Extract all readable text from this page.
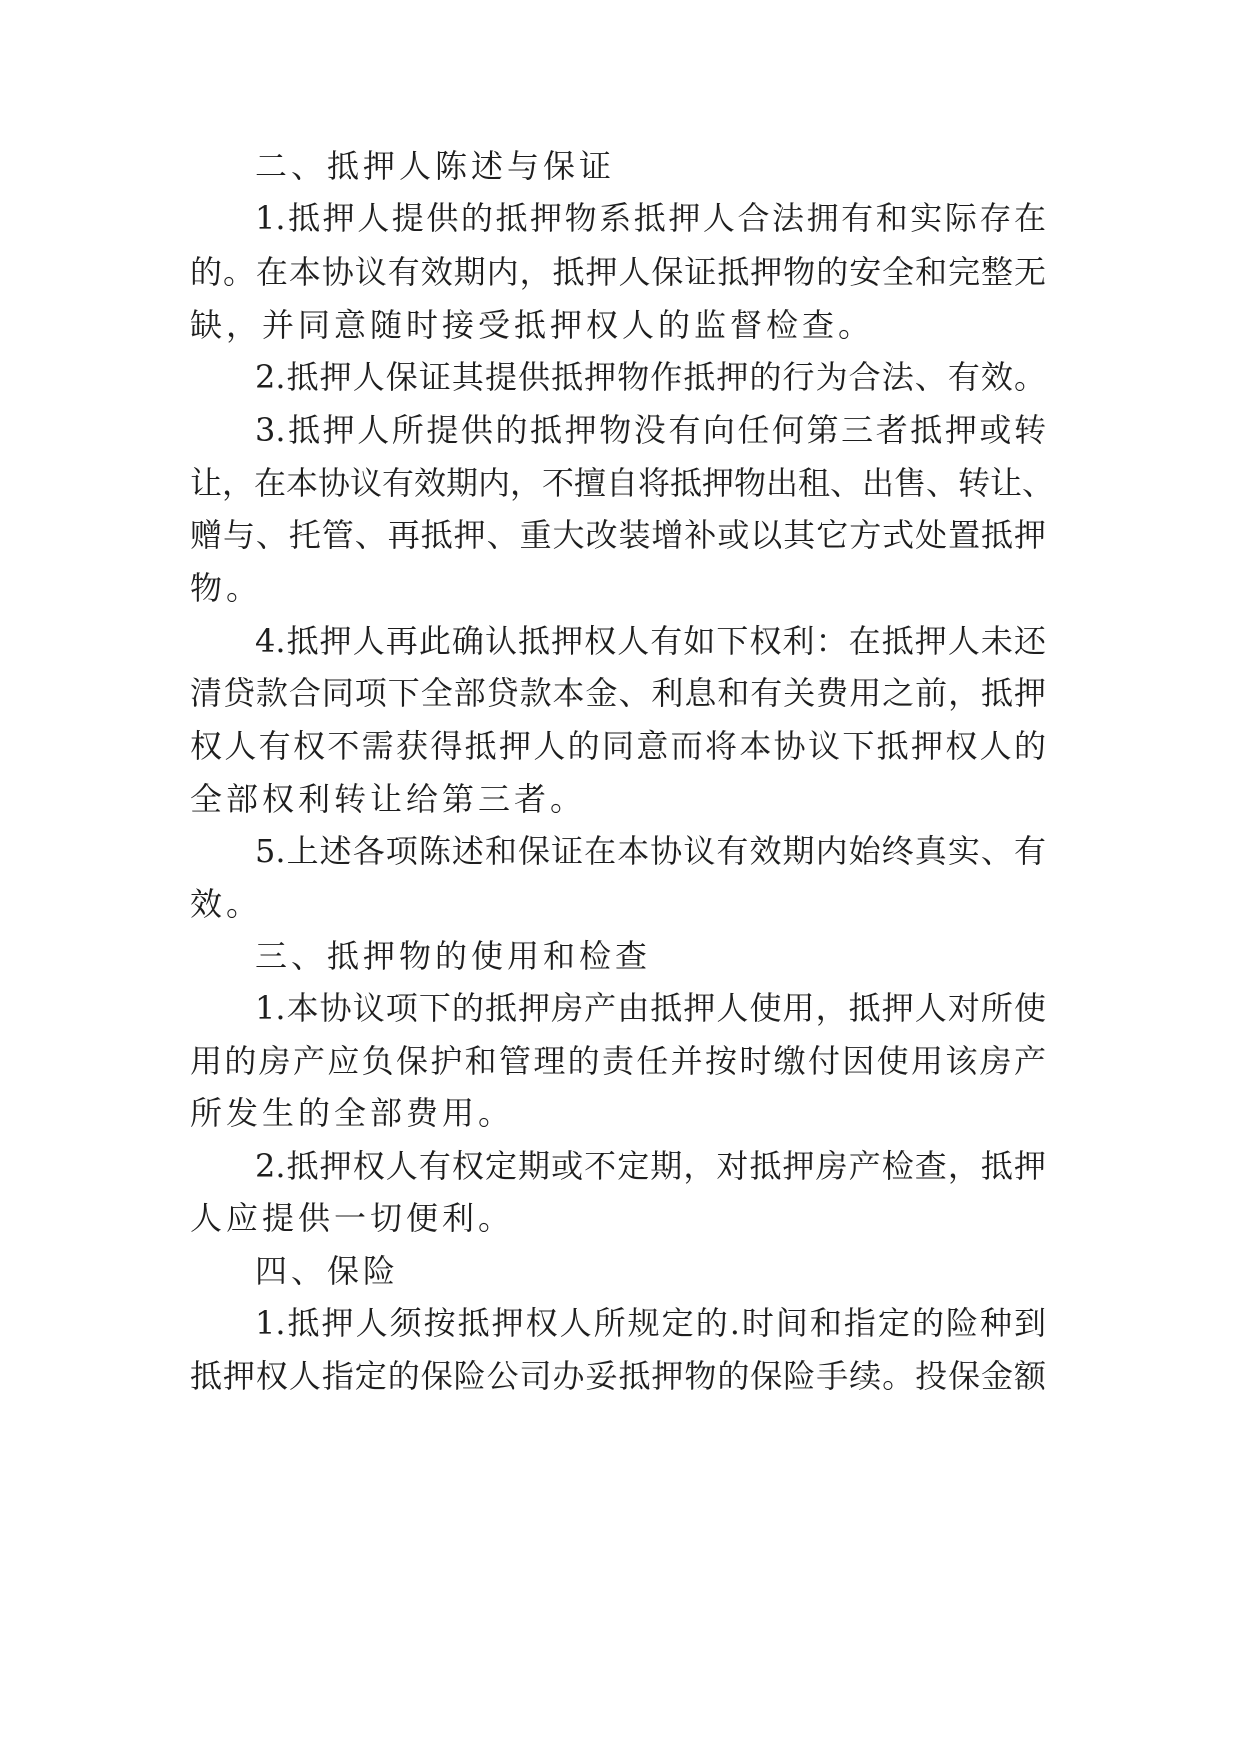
二、抵押人陈述与保证

1.抵押人提供的抵押物系抵押人合法拥有和实际存在

的。在本协议有效期内，抵押人保证抵押物的安全和完整无

缺，并同意随时接受抵押权人的监督检查。

2.抵押人保证其提供抵押物作抵押的行为合法、有效。

3.抵押人所提供的抵押物没有向任何第三者抵押或转

让，在本协议有效期内，不擅自将抵押物出租、出售、转让、

赠与、托管、再抵押、重大改装增补或以其它方式处置抵押

物。

4.抵押人再此确认抵押权人有如下权利：在抵押人未还

清贷款合同项下全部贷款本金、利息和有关费用之前，抵押

权人有权不需获得抵押人的同意而将本协议下抵押权人的

全部权利转让给第三者。

5.上述各项陈述和保证在本协议有效期内始终真实、有

效。

三、抵押物的使用和检查

1.本协议项下的抵押房产由抵押人使用，抵押人对所使

用的房产应负保护和管理的责任并按时缴付因使用该房产

所发生的全部费用。

2.抵押权人有权定期或不定期，对抵押房产检查，抵押

人应提供一切便利。

四、保险

1.抵押人须按抵押权人所规定的.时间和指定的险种到

抵押权人指定的保险公司办妥抵押物的保险手续。投保金额
